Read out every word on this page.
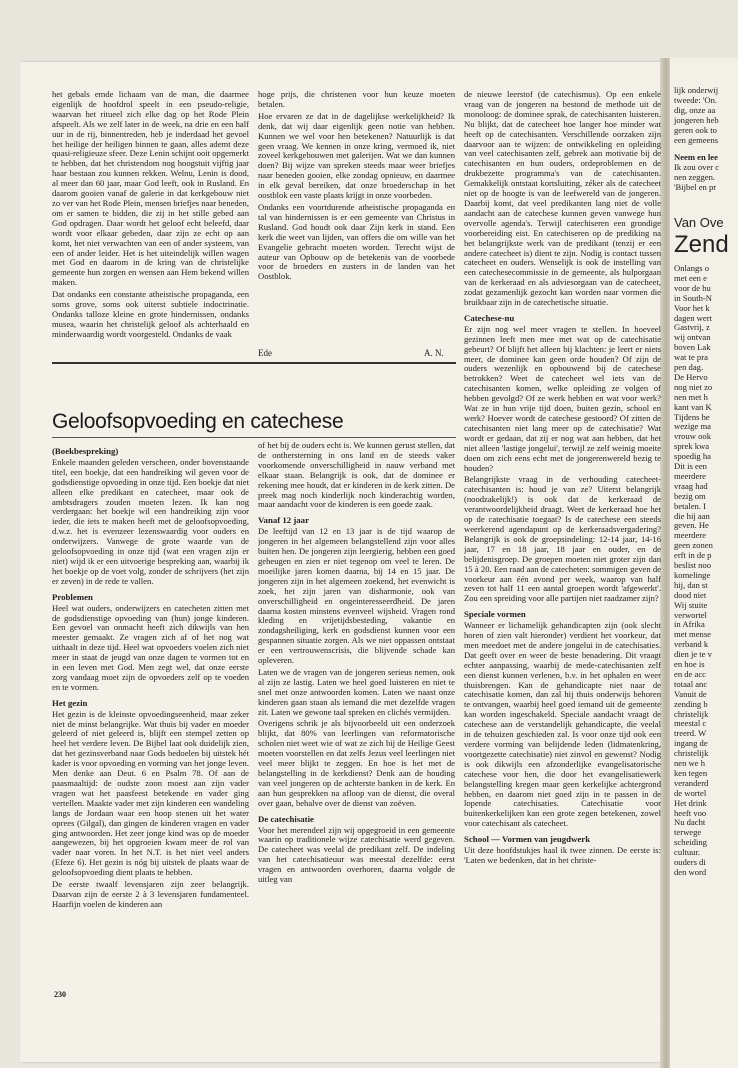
het gebals emde lichaam van de man, die daarmee eigenlijk de hoofdrol speelt in een pseudo-religie, waarvan het ritueel zich elke dag op het Rode Plein afspeelt. Als we zelf later in de week, na drie en een half uur in de rij, binnentreden, heb je inderdaad het gevoel het heilige der heiligen binnen te gaan, alles ademt deze quasi-religieuze sfeer. Deze Lenin schijnt ooit opgemerkt te hebben, dat het christendom nog hoogstuit vijftig jaar haar bestaan zou kunnen rekken. Welnu, Lenin is dood, al meer dan 60 jaar, maar God leeft, ook in Rusland. En daarom gooien vanaf de galerie in dat kerkgebouw niet zo ver van het Rode Plein, mensen briefjes naar beneden, om er samen te bidden, die zij in het stille gebed aan God opdragen. Daar wordt het geloof echt beleefd, daar wordt voor elkaar gebeden, daar zijn ze echt op aan komt, het niet verwachten van een of ander systeem, van een of ander leider. Het is het uiteindelijk willen wagen met God en daarom in de kring van de christelijke gemeente hun zorgen en wensen aan Hem bekend willen maken.

Dat ondanks een constante atheistische propaganda, een soms grove, soms ook uiterst subtiele indoctrinatie. Ondanks talloze kleine en grote hindernissen, ondanks musea, waarin het christelijk geloof als achterhaald en minderwaardig wordt voorgesteld. Ondanks de vaak

hoge prijs, die christenen voor hun keuze moeten betalen.

Hoe ervaren ze dat in de dagelijkse werkelijkheid? Ik denk, dat wij daar eigenlijk geen notie van hebben. Kunnen we wel voor hen betekenen? Natuurlijk is dat geen vraag. We kennen in onze kring, vermoed ik, niet zoveel kerkgebouwen met galerijen. Wat we dan kunnen doen? Bij wijze van spreken steeds maar weer briefjes naar beneden gooien, elke zondag opnieuw, en daarmee in elk geval bereiken, dat onze broederschap in het oostblok een vaste plaats krijgt in onze voorbeden.

Ondanks een voortdurende atheistische propaganda en tal van hindernissen is er een gemeente van Christus in Rusland. God houdt ook daar Zijn kerk in stand. Een kerk die weet van lijden, van offers die om wille van het Evangelie gebracht moeten worden. Terecht wijst de auteur van Opbouw op de betekenis van de voorbede voor de broeders en zusters in de landen van het Oostblok.

Ede	A. N.

de nieuwe leerstof (de catechismus). Op een enkele vraag van de jongeren na bestond de methode uit de monoloog: de dominee sprak, de catechisanten luisteren. Nu blijkt, dat de catecheet hoe langer hoe minder wat heeft op de catechisanten. Verschillende oorzaken zijn daarvoor aan te wijzen: de ontwikkeling en opleiding van veel catechisanten zelf, gebrek aan motivatie bij de catechisanten en hun ouders, ordeproblemen en de drukbezette programma's van de catechisanten. Gemakkelijk ontstaat kortsluiting, zéker als de catecheet niet op de hoogte is van de leefwereld van de jongeren. Daarbij komt, dat veel predikanten lang niet de volle aandacht aan de catechese kunnen geven vanwege hun overvolle agenda's. Terwijl catechiseren een grondige voorbereiding eist. En catechiseren op de prediking na het belangrijkste werk van de predikant (tenzij er een andere catecheet is) dient te zijn. Nodig is contact tussen catecheet en ouders. Wenselijk is ook de instelling van een catechesecommissie in de gemeente, als hulporgaan van de kerkeraad en als adviesorgaan van de catecheet, zodat gezamenlijk gezocht kan worden naar vormen die bruikbaar zijn in de catechetische situatie.

Catechese-nu

Er zijn nog wel meer vragen te stellen. In hoeveel gezinnen leeft men mee met wat op de catechisatie gebeurt? Of blijft het alleen bij klachten: je leert er niets meer, de dominee kan geen orde houden? Of zijn de ouders wezenlijk en opbouwend bij de catechese betrokken? Weet de catecheet wel iets van de catechisanten komen, welke opleiding ze volgen of hebben gevolgd? Of ze werk hebben en wat voor werk? Wat ze in hun vrije tijd doen, buiten gezin, school en werk? Hoever wordt de catechese gestoord? Of zitten de catechisanten niet lang meer op de catechisatie? Wat wordt er gedaan, dat zij er nog wat aan hebben, dat het niet alleen 'lastige jongelui', terwijl ze zelf weinig moeite doen om zich eens echt met de jongerenwereld bezig te houden?

Belangrijkste vraag in de verhouding catecheet-catechisanten is: houd je van ze? Uiterst belangrijk (noodzakelijk!) is ook dat de kerkeraad de verantwoordelijkheid draagt. Weet de kerkeraad hoe het op de catechisatie toegaat? Is de catechese een steeds weerkerend agendapunt op de kerkeraadsvergadering? Belangrijk is ook de groepsindeling: 12-14 jaar, 14-16 jaar, 17 en 18 jaar, 18 jaar en ouder, en de belijdenisgroep. De groepen moeten niet groter zijn dan 15 à 20. Een raad aan de catecheten: sommigen geven de voorkeur aan één avond per week, waarop van half zeven tot half 11 een aantal groepen wordt 'afgewerkt'. Zou een spreiding voor alle partijen niet raadzamer zijn?

Speciale vormen

Wanneer er lichamelijk gehandicapten zijn (ook slecht horen of zien valt hieronder) verdient het voorkeur, dat men meedoet met de andere jongelui in de catechisaties. Dat geeft over en weer de beste benadering. Dit vraagt echter aanpassing, waarbij de mede-catechisanten zelf een dienst kunnen verlenen, b.v. in het ophalen en weer thuisbrengen. Kan de gehandicapte niet naar de catechisatie komen, dan zal hij thuis onderwijs behoren te ontvangen, waarbij heel goed iemand uit de gemeente kan worden ingeschakeld. Speciale aandacht vraagt de catechese aan de verstandelijk gehandicapte, die veelal in de tehuizen geschieden zal. Is voor onze tijd ook een verdere vorming van belijdende leden (lidmatenkring, voortgezette catechisatie) niet zinvol en gewenst? Nodig is ook dikwijls een afzonderlijke evangelisatorische catechese voor hen, die door het evangelisatiewerk belangstelling kregen maar geen kerkelijke achtergrond hebben, en daarom niet goed zijn in te passen in de lopende catechisaties. Catechisatie voor buitenkerkelijken kan een grote zegen betekenen, zowel voor catechisant als catecheet.

School — Vormen van jeugdwerk

Uit deze hoofdstukjes haal ik twee zinnen. De eerste is: 'Laten we bedenken, dat in het christe-

Geloofsopvoeding en catechese
(Boekbespreking)

Enkele maanden geleden verscheen, onder bovenstaande titel, een boekje, dat een handreiking wil geven voor de godsdienstige opvoeding in onze tijd. Een boekje dat niet alleen elke predikant en catecheet, maar ook de ambtsdragers zouden moeten lezen. Ik kan nog verdergaan: het boekje wil een handreiking zijn voor ieder, die iets te maken heeft met de geloofsopvoeding, d.w.z. het is evenzeer lezenswaardig voor ouders en onderwijzers. Vanwege de grote waarde van de geloofsopvoeding in onze tijd (wat een vragen zijn er niet) wijd ik er een uitvoerige bespreking aan, waarbij ik het boekje op de voet volg, zonder de schrijvers (het zijn er zeven) in de rede te vallen.

Problemen

Heel wat ouders, onderwijzers en catecheten zitten met de godsdienstige opvoeding van (hun) jonge kinderen. Een gevoel van onmacht heeft zich dikwijls van hen meester gemaakt. Ze vragen zich af of het nog wat uithaalt in deze tijd. Heel wat opvoeders voelen zich niet meer in staat de jeugd van onze dagen te vormen tot en in een leven met God. Men zegt wel, dat onze eerste zorg vandaag moet zijn de opvoeders zelf op te voeden en te vormen.

Het gezin

Het gezin is de kleinste opvoedingseenheid, maar zeker niet de minst belangrijke. Wat thuis bij vader en moeder geleerd of niet geleerd is, blijft een stempel zetten op heel het verdere leven. De Bijbel laat ook duidelijk zien, dat het gezinsverband naar Gods bedoelen bij uitstek hét kader is voor opvoeding en vorming van het jonge leven. Men denke aan Deut. 6 en Psalm 78. Of aan de paasmaaltijd: de oudste zoon moest aan zijn vader vragen wat het paasfeest betekende en vader ging vertellen. Maakte vader met zijn kinderen een wandeling langs de Jordaan waar een hoop stenen uit het water oprees (Gilgal), dan gingen de kinderen vragen en vader ging antwoorden. Het zeer jonge kind was op de moeder aangewezen, bij het opgroeien kwam meer de rol van vader naar voren. In het N.T. is het niet veel anders (Efeze 6). Het gezin is nóg bij uitstek de plaats waar de geloofsopvoeding dient plaats te hebben.

De eerste twaalf levensjaren zijn zeer belangrijk. Daarvan zijn de eerste 2 à 3 levensjaren fundamenteel. Haarfijn voelen de kinderen aan

of het bij de ouders echt is. We kunnen gerust stellen, dat de onthersterning in ons land en de steeds vaker voorkomende onverschilligheid in nauw verband met elkaar staan. Belangrijk is ook, dat de dominee er rekening mee houdt, dat er kinderen in de kerk zitten. De preek mag noch kinderlijk noch kinderachtig worden, maar aandacht voor de kinderen is een goede zaak.

Vanaf 12 jaar

De leeftijd van 12 en 13 jaar is de tijd waarop de jongeren in het algemeen belangstellend zijn voor alles buiten hen. De jongeren zijn leergierig, hebben een goed geheugen en zien er niet tegenop om veel te leren. De moeilijke jaren komen daarna, bij 14 en 15 jaar. De jongeren zijn in het algemeen zoekend, het evenwicht is zoek, het zijn jaren van disharmonie, ook van onverschilligheid en ongeinteresseerdheid. De jaren daarna kosten minstens evenveel wijsheid. Vragen rond kleding en vrijetijdsbesteding, vakantie en zondagsheiliging, kerk en godsdienst kunnen voor een gespannen situatie zorgen. Als we niet oppassen ontstaat er een vertrouwenscrisis, die blijvende schade kan opleveren.

Laten we de vragen van de jongeren serieus nemen, ook al zijn ze lastig. Laten we heel goed luisteren en niet te snel met onze antwoorden komen. Laten we naast onze kinderen gaan staan als iemand die met dezelfde vragen zit. Laten we gewone taal spreken en clichés vermijden.

Overigens schrik je als bijvoorbeeld uit een onderzoek blijkt, dat 80% van leerlingen van reformatorische scholen niet weet wie of wat ze zich bij de Heilige Geest moeten voorstellen en dat zelfs Jezus veel leerlingen niet veel meer blijkt te zeggen. En hoe is het met de belangstelling in de kerkdienst? Denk aan de houding van veel jongeren op de achterste banken in de kerk. En aan hun gesprekken na afloop van de dienst, die overal over gaan, behalve over de dienst van zoëven.

De catechisatie

Voor het merendeel zijn wij opgegroeid in een gemeente waarin op traditionele wijze catechisatie werd gegeven. De catecheet was veelal de predikant zelf. De indeling van het catechisatieuur was meestal dezelfde: eerst vragen en antwoorden overhoren, daarna volgde de uitleg van

230
lijk onderwij
tweede: 'On.
dig, onze aa
jongeren heb
geren ook to
een gemeens
Neem en lee
Ik zou over c
nen zeggen.
'Bijbel en pr
Van Ove
Zend
Onlangs o
met een e
voor de hu
in South-N
Voor het k
dagen wert
Gastvrij, z
wij ontvan
boven Lak
wat te pra
pen dag.
De Hervo
nog niet zo
nen met h
kant van K
Tijdens he
wezige ma
vrouw ook
sprek kwa
spoedig ha
Dit is een
meerdere
vraag had
bezig om
betalen. I
die hij aan
geven. He
meerdere
geen zonen
erft in de p
beslist noo
komelinge
hij, dan st
dood niet
Wij stuite
verwortel
in Afrika
met mense
verband k
dien je te v
en hoe is
en de acc
totaal anc
Vanuit de
zending b
christelijk
meestal c
treerd. W
ingang de
christelijk
nen we h
ken tegen
veranderd
de wortel
Het drink
heeft voo
Nu dacht
terwege
scheiding
cultuur.
ouders di
den word
